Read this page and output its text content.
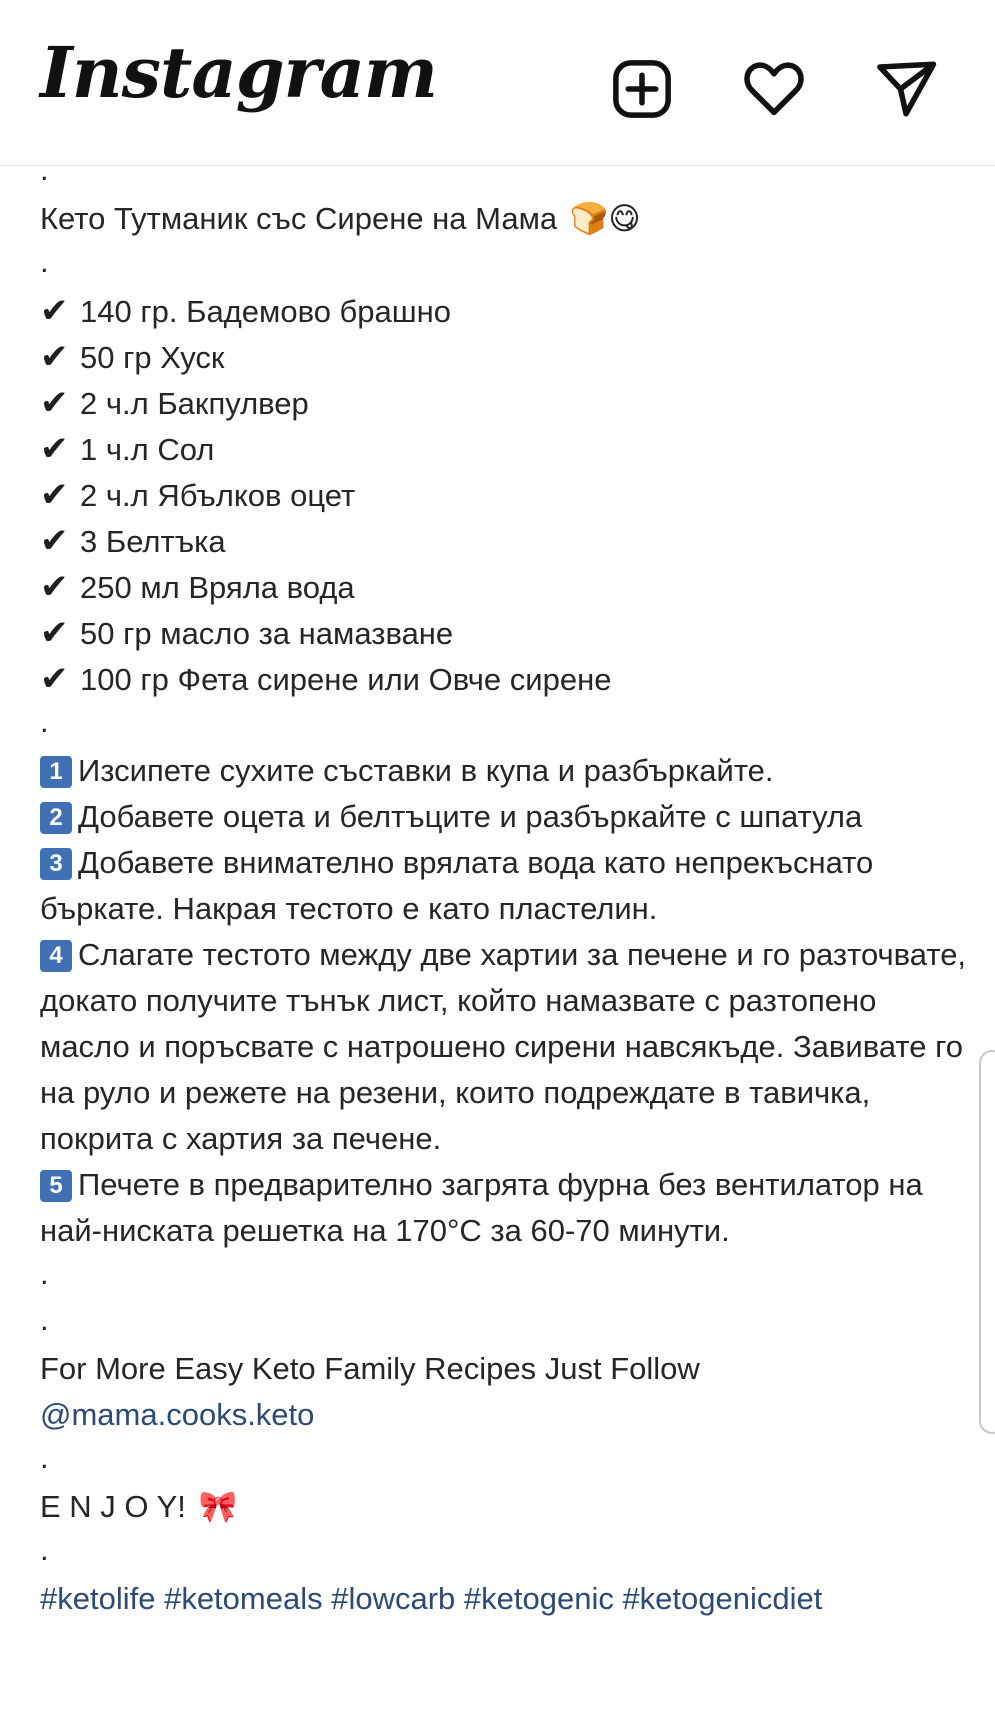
Instagram
.
Кето Тутманик със Сирене на Мама 🍞😋
.
✔ 140 гр. Бадемово брашно
✔ 50 гр Хуск
✔ 2 ч.л Бакпулвер
✔ 1 ч.л Сол
✔ 2 ч.л Ябълков оцет
✔ 3 Белтъка
✔ 250 мл Вряла вода
✔ 50 гр масло за намазване
✔ 100 гр Фета сирене или Овче сирене
.
1 Изсипете сухите съставки в купа и разбъркайте.
2 Добавете оцета и белтъците и разбъркайте с шпатула
3 Добавете внимателно врялата вода като непрекъснато бъркате. Накрая тестото е като пластелин.
4 Слагате тестото между две хартии за печене и го разточвате, докато получите тънък лист, който намазвате с разтопено масло и поръсвате с натрошено сирени навсякъде. Завивате го на руло и режете на резени, които подреждате в тавичка, покрита с хартия за печене.
5 Печете в предварително загрята фурна без вентилатор на най-ниската решетка на 170°C за 60-70 минути.
.
.
For More Easy Keto Family Recipes Just Follow
@mama.cooks.keto
.
E N J O Y! 🎀
.
#ketolife #ketomeals #lowcarb #ketogenic #ketogenicdiet
